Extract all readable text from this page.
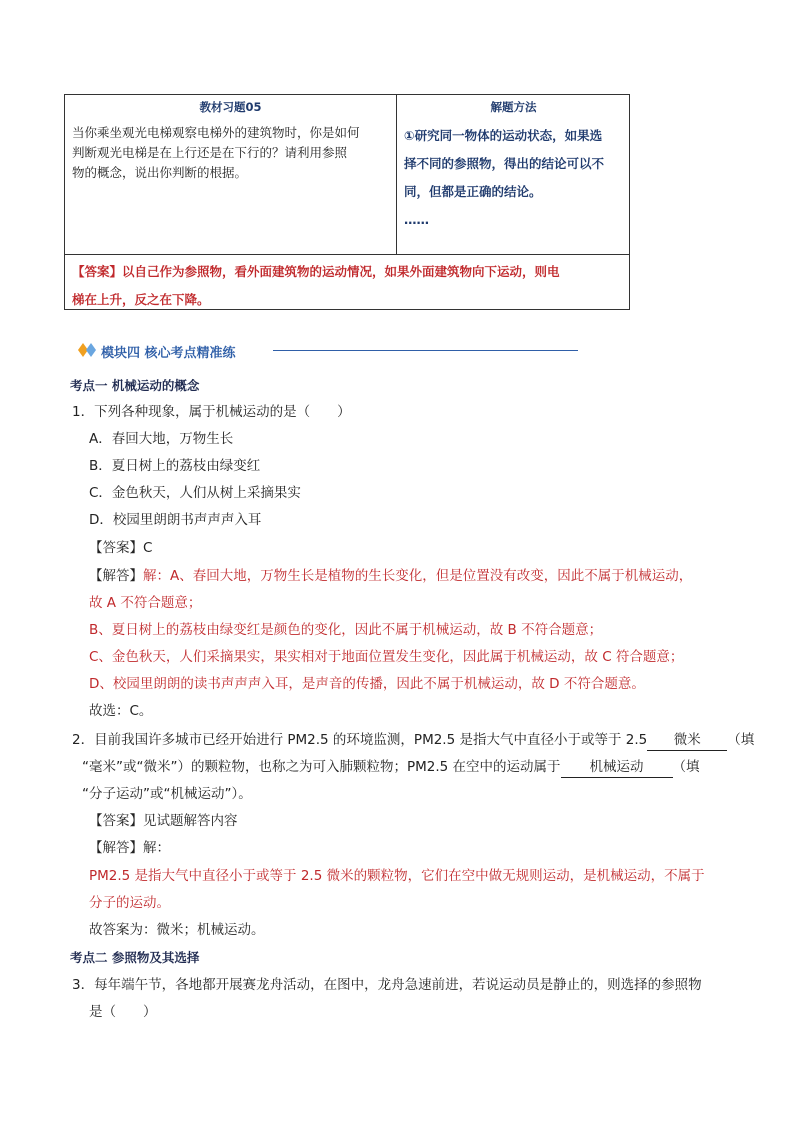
教材习题05	解题方法
当你乘坐观光电梯观察电梯外的建筑物时，你是如何
判断观光电梯是在上行还是在下行的？请利用参照
物的概念，说出你判断的根据。
①研究同一物体的运动状态，如果选
择不同的参照物，得出的结论可以不
同，但都是正确的结论。
……
【答案】以自己作为参照物，看外面建筑物的运动情况，如果外面建筑物向下运动，则电
梯在上升，反之在下降。
模块四 核心考点精准练
考点一 机械运动的概念
1．下列各种现象，属于机械运动的是（　　）
A．春回大地，万物生长
B．夏日树上的荔枝由绿变红
C．金色秋天，人们从树上采摘果实
D．校园里朗朗书声声声入耳
【答案】C
【解答】解：A、春回大地，万物生长是植物的生长变化，但是位置没有改变，因此不属于机械运动，
故 A 不符合题意；
B、夏日树上的荔枝由绿变红是颜色的变化，因此不属于机械运动，故 B 不符合题意；
C、金色秋天，人们采摘果实，果实相对于地面位置发生变化，因此属于机械运动，故 C 符合题意；
D、校园里朗朗的读书声声声入耳，是声音的传播，因此不属于机械运动，故 D 不符合题意。
故选：C。
2．目前我国许多城市已经开始进行 PM2.5 的环境监测，PM2.5 是指大气中直径小于或等于 2.5 微米 （填
“毫米”或“微米”）的颗粒物，也称之为可入肺颗粒物；PM2.5 在空中的运动属于 机械运动 （填
“分子运动”或“机械运动”）。
【答案】见试题解答内容
【解答】解：
PM2.5 是指大气中直径小于或等于 2.5 微米的颗粒物，它们在空中做无规则运动，是机械运动，不属于
分子的运动。
故答案为：微米；机械运动。
考点二 参照物及其选择
3．每年端午节，各地都开展赛龙舟活动，在图中，龙舟急速前进，若说运动员是静止的，则选择的参照物
是（　　）
